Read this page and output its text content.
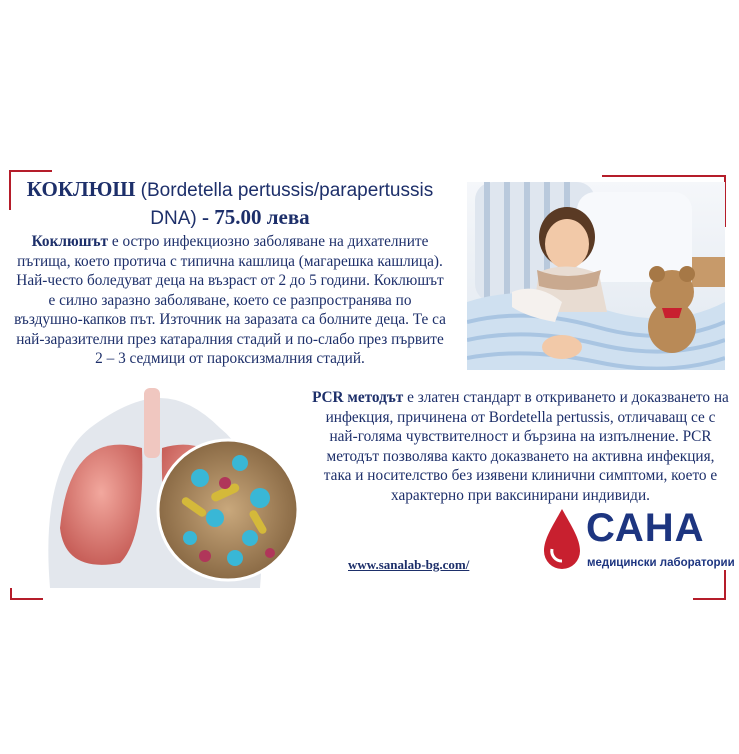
КОКЛЮШ (Bordetella pertussis/parapertussis DNA) - 75.00 лева
Коклюшът е остро инфекциозно заболяване на дихателните пътища, което протича с типична кашлица (магарешка кашлица). Най-често боледуват деца на възраст от 2 до 5 години. Коклюшът е силно заразно заболяване, което се разпространява по въздушно-капков път. Източник на заразата са болните деца. Те са най-заразителни през катаралния стадий и по-слабо през първите 2 – 3 седмици от пароксизмалния стадий.
PCR методът е златен стандарт в откриването и доказването на инфекция, причинена от Bordetella pertussis, отличаващ се с най-голяма чувствителност и бързина на изпълнение. PCR методът позволява както доказването на активна инфекция, така и носителство без изявени клинични симптоми, което е характерно при ваксинирани индивиди.
www.sanalab-bg.com/
САНА
медицински лаборатории
